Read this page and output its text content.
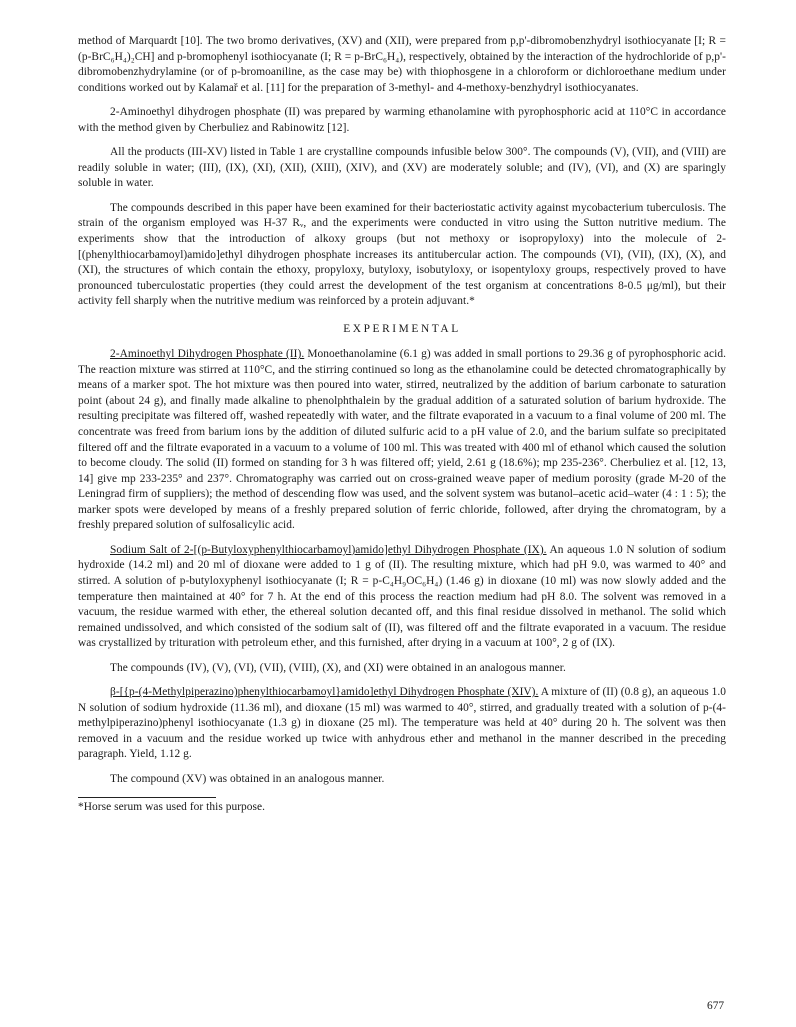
method of Marquardt [10]. The two bromo derivatives, (XV) and (XII), were prepared from p,p'-dibromobenzhydryl isothiocyanate [I; R = (p-BrC₆H₄)₂CH] and p-bromophenyl isothiocyanate (I; R = p-BrC₆H₄), respectively, obtained by the interaction of the hydrochloride of p,p'-dibromobenzhydrylamine (or of p-bromoaniline, as the case may be) with thiophosgene in a chloroform or dichloroethane medium under conditions worked out by Kalamař et al. [11] for the preparation of 3-methyl- and 4-methoxy-benzhydryl isothiocyanates.

2-Aminoethyl dihydrogen phosphate (II) was prepared by warming ethanolamine with pyrophosphoric acid at 110°C in accordance with the method given by Cherbuliez and Rabinowitz [12].

All the products (III-XV) listed in Table 1 are crystalline compounds infusible below 300°. The compounds (V), (VII), and (VIII) are readily soluble in water; (III), (IX), (XI), (XII), (XIII), (XIV), and (XV) are moderately soluble; and (IV), (VI), and (X) are sparingly soluble in water.

The compounds described in this paper have been examined for their bacteriostatic activity against mycobacterium tuberculosis. The strain of the organism employed was H-37 Rᵥ, and the experiments were conducted in vitro using the Sutton nutritive medium. The experiments show that the introduction of alkoxy groups (but not methoxy or isopropyloxy) into the molecule of 2-[(phenylthiocarbamoyl)amido]ethyl dihydrogen phosphate increases its antitubercular action. The compounds (VI), (VII), (IX), (X), and (XI), the structures of which contain the ethoxy, propyloxy, butyloxy, isobutyloxy, or isopentyloxy groups, respectively proved to have pronounced tuberculostatic properties (they could arrest the development of the test organism at concentrations 8-0.5 μg/ml), but their activity fell sharply when the nutritive medium was reinforced by a protein adjuvant.*

EXPERIMENTAL

2-Aminoethyl Dihydrogen Phosphate (II). Monoethanolamine (6.1 g) was added in small portions to 29.36 g of pyrophosphoric acid. The reaction mixture was stirred at 110°C, and the stirring continued so long as the ethanolamine could be detected chromatographically by means of a marker spot. The hot mixture was then poured into water, stirred, neutralized by the addition of barium carbonate to saturation point (about 24 g), and finally made alkaline to phenolphthalein by the gradual addition of a saturated solution of barium hydroxide. The resulting precipitate was filtered off, washed repeatedly with water, and the filtrate evaporated in a vacuum to a final volume of 200 ml. The concentrate was freed from barium ions by the addition of diluted sulfuric acid to a pH value of 2.0, and the barium sulfate so precipitated filtered off and the filtrate evaporated in a vacuum to a volume of 100 ml. This was treated with 400 ml of ethanol which caused the solution to become cloudy. The solid (II) formed on standing for 3 h was filtered off; yield, 2.61 g (18.6%); mp 235-236°. Cherbuliez et al. [12, 13, 14] give mp 233-235° and 237°. Chromatography was carried out on cross-grained weave paper of medium porosity (grade M-20 of the Leningrad firm of suppliers); the method of descending flow was used, and the solvent system was butanol–acetic acid–water (4 : 1 : 5); the marker spots were developed by means of a freshly prepared solution of ferric chloride, followed, after drying the chromatogram, by a freshly prepared solution of sulfosalicylic acid.

Sodium Salt of 2-[(p-Butyloxyphenylthiocarbamoyl)amido]ethyl Dihydrogen Phosphate (IX). An aqueous 1.0 N solution of sodium hydroxide (14.2 ml) and 20 ml of dioxane were added to 1 g of (II). The resulting mixture, which had pH 9.0, was warmed to 40° and stirred. A solution of p-butyloxyphenyl isothiocyanate (I; R = p-C₄H₉OC₆H₄) (1.46 g) in dioxane (10 ml) was now slowly added and the temperature then maintained at 40° for 7 h. At the end of this process the reaction medium had pH 8.0. The solvent was removed in a vacuum, the residue warmed with ether, the ethereal solution decanted off, and this final residue dissolved in methanol. The solid which remained undissolved, and which consisted of the sodium salt of (II), was filtered off and the filtrate evaporated in a vacuum. The residue was crystallized by trituration with petroleum ether, and this furnished, after drying in a vacuum at 100°, 2 g of (IX).

The compounds (IV), (V), (VI), (VII), (VIII), (X), and (XI) were obtained in an analogous manner.

β-[{p-(4-Methylpiperazino)phenylthiocarbamoyl}amido]ethyl Dihydrogen Phosphate (XIV). A mixture of (II) (0.8 g), an aqueous 1.0 N solution of sodium hydroxide (11.36 ml), and dioxane (15 ml) was warmed to 40°, stirred, and gradually treated with a solution of p-(4-methylpiperazino)phenyl isothiocyanate (1.3 g) in dioxane (25 ml). The temperature was held at 40° during 20 h. The solvent was then removed in a vacuum and the residue worked up twice with anhydrous ether and methanol in the manner described in the preceding paragraph. Yield, 1.12 g.

The compound (XV) was obtained in an analogous manner.

*Horse serum was used for this purpose.

677
